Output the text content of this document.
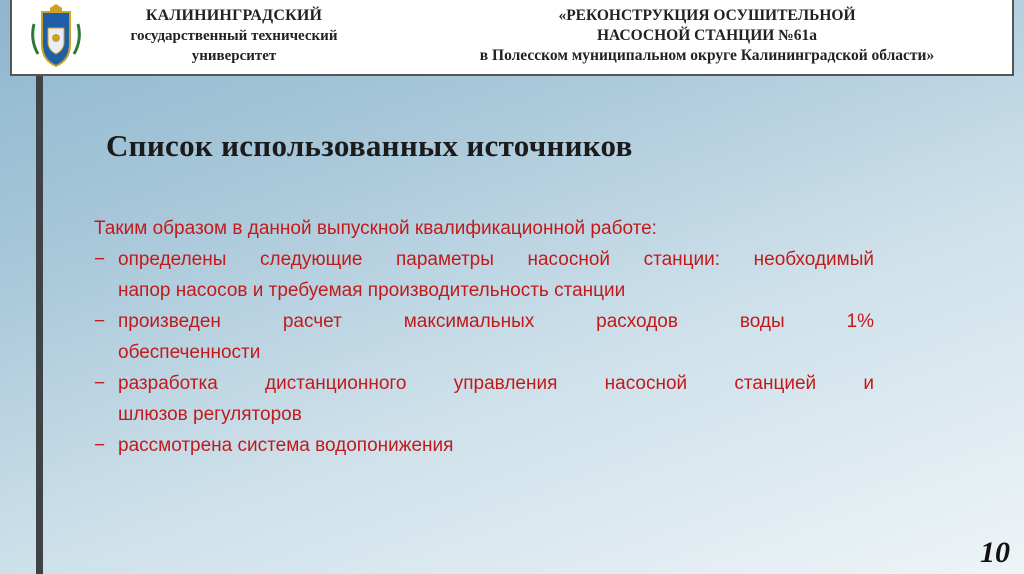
КАЛИНИНГРАДСКИЙ
государственный технический
университет
«РЕКОНСТРУКЦИЯ ОСУШИТЕЛЬНОЙ
НАСОСНОЙ СТАНЦИИ №61а
в Полесском муниципальном округе Калининградской области»
Список использованных источников

Таким образом в данной выпускной квалификационной работе:

− определены следующие параметры насосной станции: необходимый
напор насосов и требуемая производительность станции
− произведен расчет максимальных расходов воды 1%
обеспеченности
− разработка дистанционного управления насосной станцией и
шлюзов регуляторов
− рассмотрена система водопонижения
10
